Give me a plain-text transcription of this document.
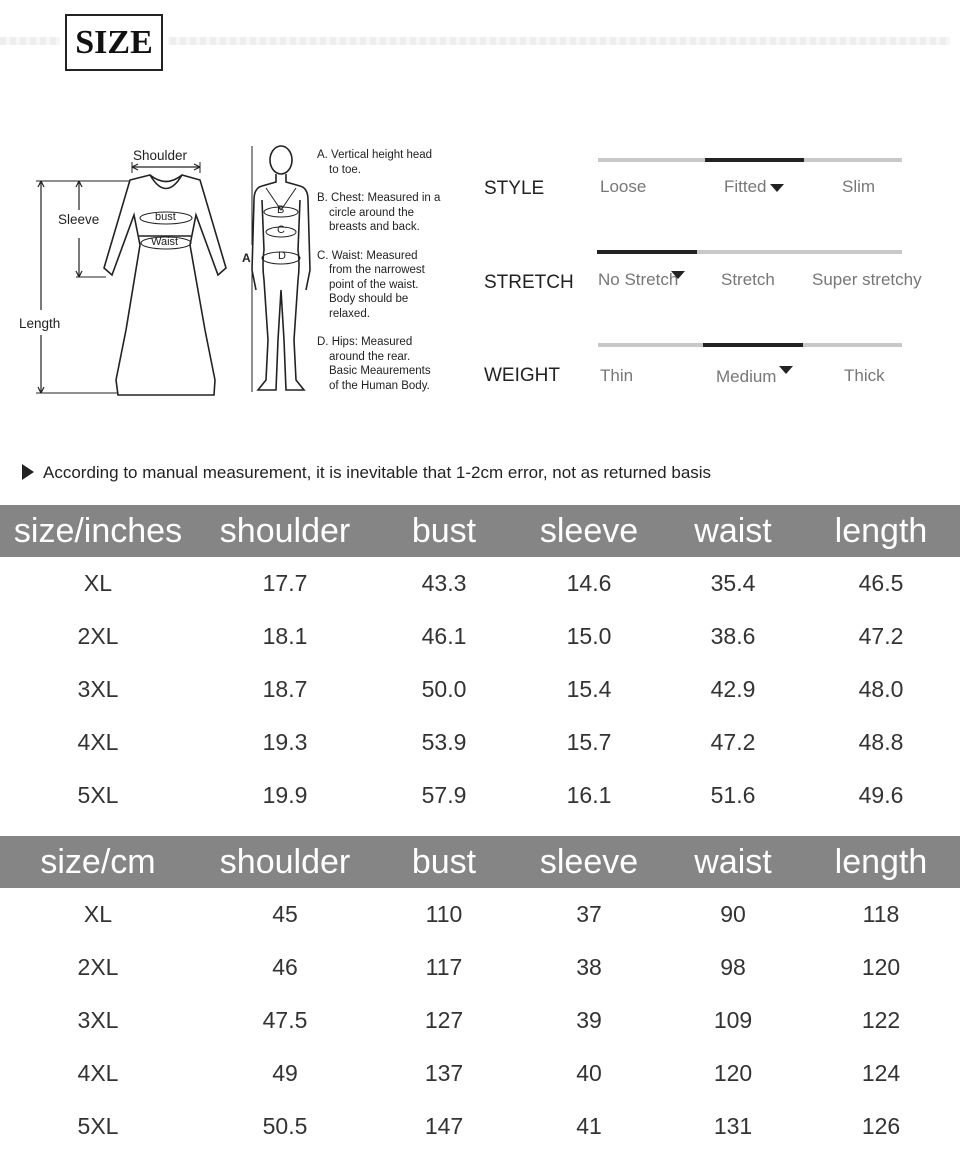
SIZE
Shoulder
Sleeve	bust
Waist
Length
A
B
C
D

A. Vertical height head
to toe.

B. Chest: Measured in a
circle around the
breasts and back.

C. Waist: Measured
from the narrowest
point of the waist.
Body should be
relaxed.

D. Hips: Measured
around the rear.
Basic Meaurements
of the Human Body.

STYLE	Loose	Fitted	Slim
STRETCH No Stretch	Stretch Super stretchy
WEIGHT Thin	Medium	Thick
According to manual measurement, it is inevitable that 1-2cm error, not as returned basis
size/inches	shoulder	bust	sleeve	waist	length
XL	17.7	43.3	14.6	35.4	46.5
2XL	18.1	46.1	15.0	38.6	47.2
3XL	18.7	50.0	15.4	42.9	48.0
4XL	19.3	53.9	15.7	47.2	48.8
5XL	19.9	57.9	16.1	51.6	49.6
size/cm	shoulder	bust	sleeve	waist	length
XL	45	110	37	90	118
2XL	46	117	38	98	120
3XL	47.5	127	39	109	122
4XL	49	137	40	120	124
5XL	50.5	147	41	131	126
